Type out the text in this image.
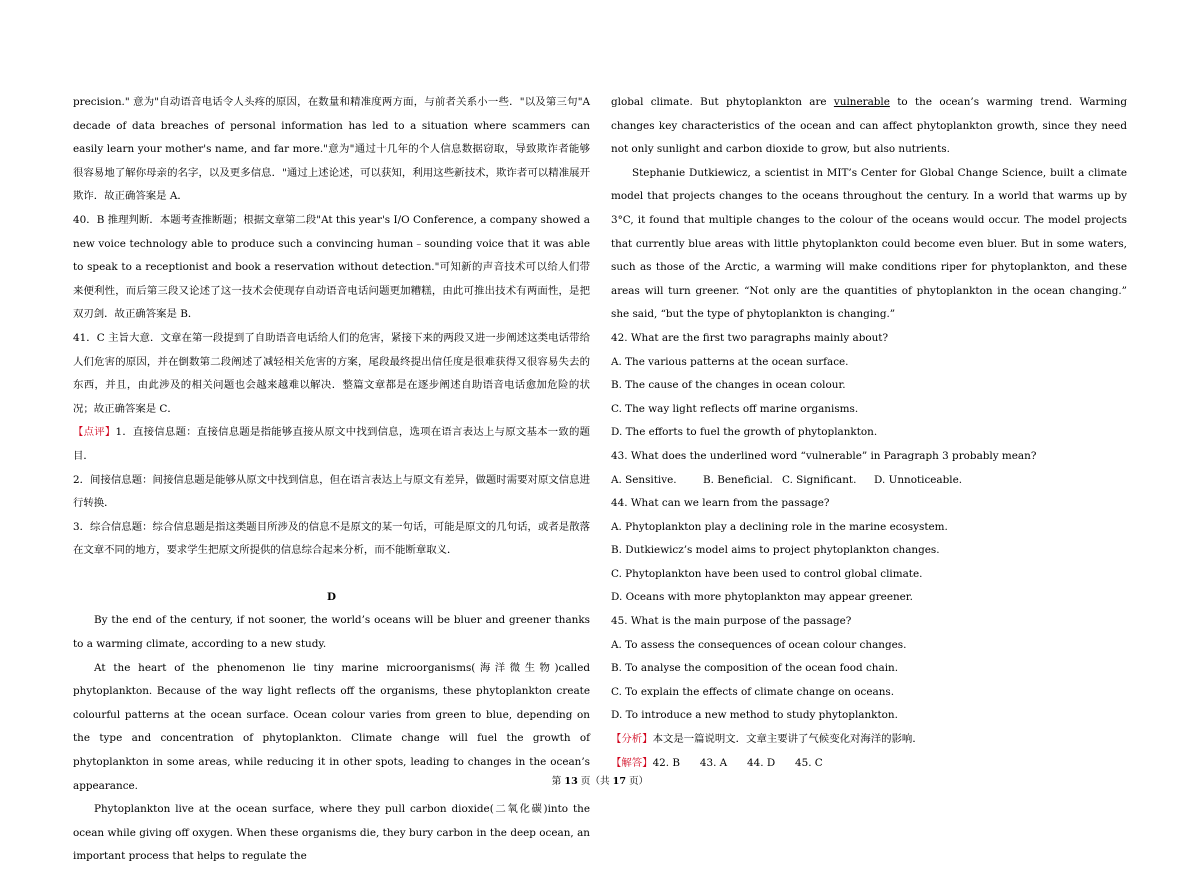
precision." 意为"自动语音电话令人头疼的原因，在数量和精准度两方面，与前者关系小一些．"以及第三句"A decade of data breaches of personal information has led to a situation where scammers can easily learn your mother's name, and far more."意为"通过十几年的个人信息数据窃取，导致欺诈者能够很容易地了解你母亲的名字，以及更多信息．"通过上述论述，可以获知，利用这些新技术，欺诈者可以精准展开欺诈．故正确答案是 A．

40．B 推理判断．本题考查推断题；根据文章第二段"At this year's I/O Conference, a company showed a new voice technology able to produce such a convincing human﹣sounding voice that it was able to speak to a receptionist and book a reservation without detection."可知新的声音技术可以给人们带来便利性，而后第三段又论述了这一技术会使现存自动语音电话问题更加糟糕，由此可推出技术有两面性，是把双刃剑．故正确答案是 B．

41．C 主旨大意．文章在第一段提到了自助语音电话给人们的危害，紧接下来的两段又进一步阐述这类电话带给人们危害的原因，并在倒数第二段阐述了减轻相关危害的方案，尾段最终提出信任度是很难获得又很容易失去的东西，并且，由此涉及的相关问题也会越来越难以解决．整篇文章都是在逐步阐述自助语音电话愈加危险的状况；故正确答案是 C．

【点评】1．直接信息题：直接信息题是指能够直接从原文中找到信息，选项在语言表达上与原文基本一致的题目．

2．间接信息题：间接信息题是能够从原文中找到信息，但在语言表达上与原文有差异，做题时需要对原文信息进行转换．

3．综合信息题：综合信息题是指这类题目所涉及的信息不是原文的某一句话，可能是原文的几句话，或者是散落在文章不同的地方，要求学生把原文所提供的信息综合起来分析，而不能断章取义．

D

By the end of the century, if not sooner, the world’s oceans will be bluer and greener thanks to a warming climate, according to a new study.

At the heart of the phenomenon lie tiny marine microorganisms(海洋微生物)called phytoplankton. Because of the way light reflects off the organisms, these phytoplankton create colourful patterns at the ocean surface. Ocean colour varies from green to blue, depending on the type and concentration of phytoplankton. Climate change will fuel the growth of phytoplankton in some areas, while reducing it in other spots, leading to changes in the ocean’s appearance.

Phytoplankton live at the ocean surface, where they pull carbon dioxide(二氧化碳)into the ocean while giving off oxygen. When these organisms die, they bury carbon in the deep ocean, an important process that helps to regulate the

global climate. But phytoplankton are vulnerable to the ocean’s warming trend. Warming changes key characteristics of the ocean and can affect phytoplankton growth, since they need not only sunlight and carbon dioxide to grow, but also nutrients.

Stephanie Dutkiewicz, a scientist in MIT’s Center for Global Change Science, built a climate model that projects changes to the oceans throughout the century. In a world that warms up by 3°C, it found that multiple changes to the colour of the oceans would occur. The model projects that currently blue areas with little phytoplankton could become even bluer. But in some waters, such as those of the Arctic, a warming will make conditions riper for phytoplankton, and these areas will turn greener. “Not only are the quantities of phytoplankton in the ocean changing.” she said, “but the type of phytoplankton is changing.”

42. What are the first two paragraphs mainly about?

A. The various patterns at the ocean surface.

B. The cause of the changes in ocean colour.

C. The way light reflects off marine organisms.

D. The efforts to fuel the growth of phytoplankton.

43. What does the underlined word “vulnerable” in Paragraph 3 probably mean?

A. Sensitive.	B. Beneficial. C. Significant.	D. Unnoticeable.

44. What can we learn from the passage?

A. Phytoplankton play a declining role in the marine ecosystem.

B. Dutkiewicz’s model aims to project phytoplankton changes.

C. Phytoplankton have been used to control global climate.

D. Oceans with more phytoplankton may appear greener.

45. What is the main purpose of the passage?

A. To assess the consequences of ocean colour changes.

B. To analyse the composition of the ocean food chain.

C. To explain the effects of climate change on oceans.

D. To introduce a new method to study phytoplankton.

【分析】本文是一篇说明文．文章主要讲了气候变化对海洋的影响．

【解答】42. B      43. A      44. D      45. C

第 13 页（共 17 页）
